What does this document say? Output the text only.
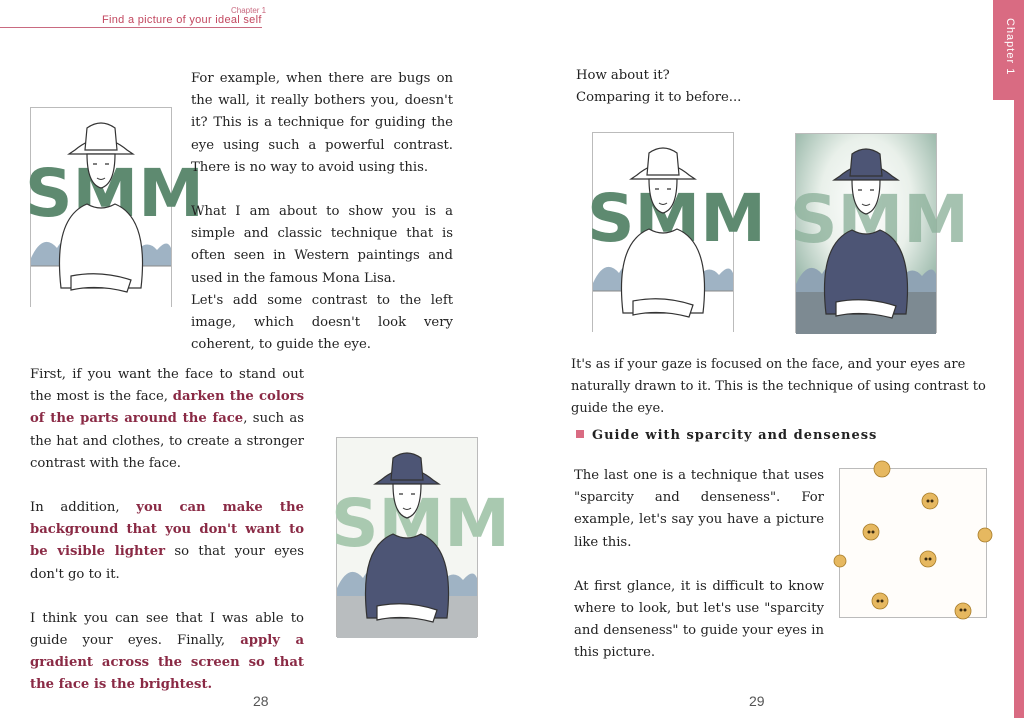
Chapter 1
Find a picture of your ideal self	Chapter 1

For example, when there are bugs on the wall, it really bothers you, doesn't it? This is a technique for guiding the eye using such a powerful contrast. There is no way to avoid using this.

What I am about to show you is a simple and classic technique that is often seen in Western paintings and used in the famous Mona Lisa.

Let's add some contrast to the left image, which doesn't look very coherent, to guide the eye.

First, if you want the face to stand out the most is the face, darken the colors of the parts around the face, such as the hat and clothes, to create a stronger contrast with the face.

In addition, you can make the background that you don't want to be visible lighter so that your eyes don't go to it.

I think you can see that I was able to guide your eyes. Finally, apply a gradient across the screen so that the face is the brightest.

SMM
28

How about it?

Comparing it to before...

SMM
It's as if your gaze is focused on the face, and your eyes are naturally drawn to it. This is the technique of using contrast to guide the eye.
Guide with sparcity and denseness

The last one is a technique that uses "sparcity and denseness". For example, let's say you have a picture like this.

At first glance, it is difficult to know where to look, but let's use "sparcity and denseness" to guide your eyes in this picture.

29
